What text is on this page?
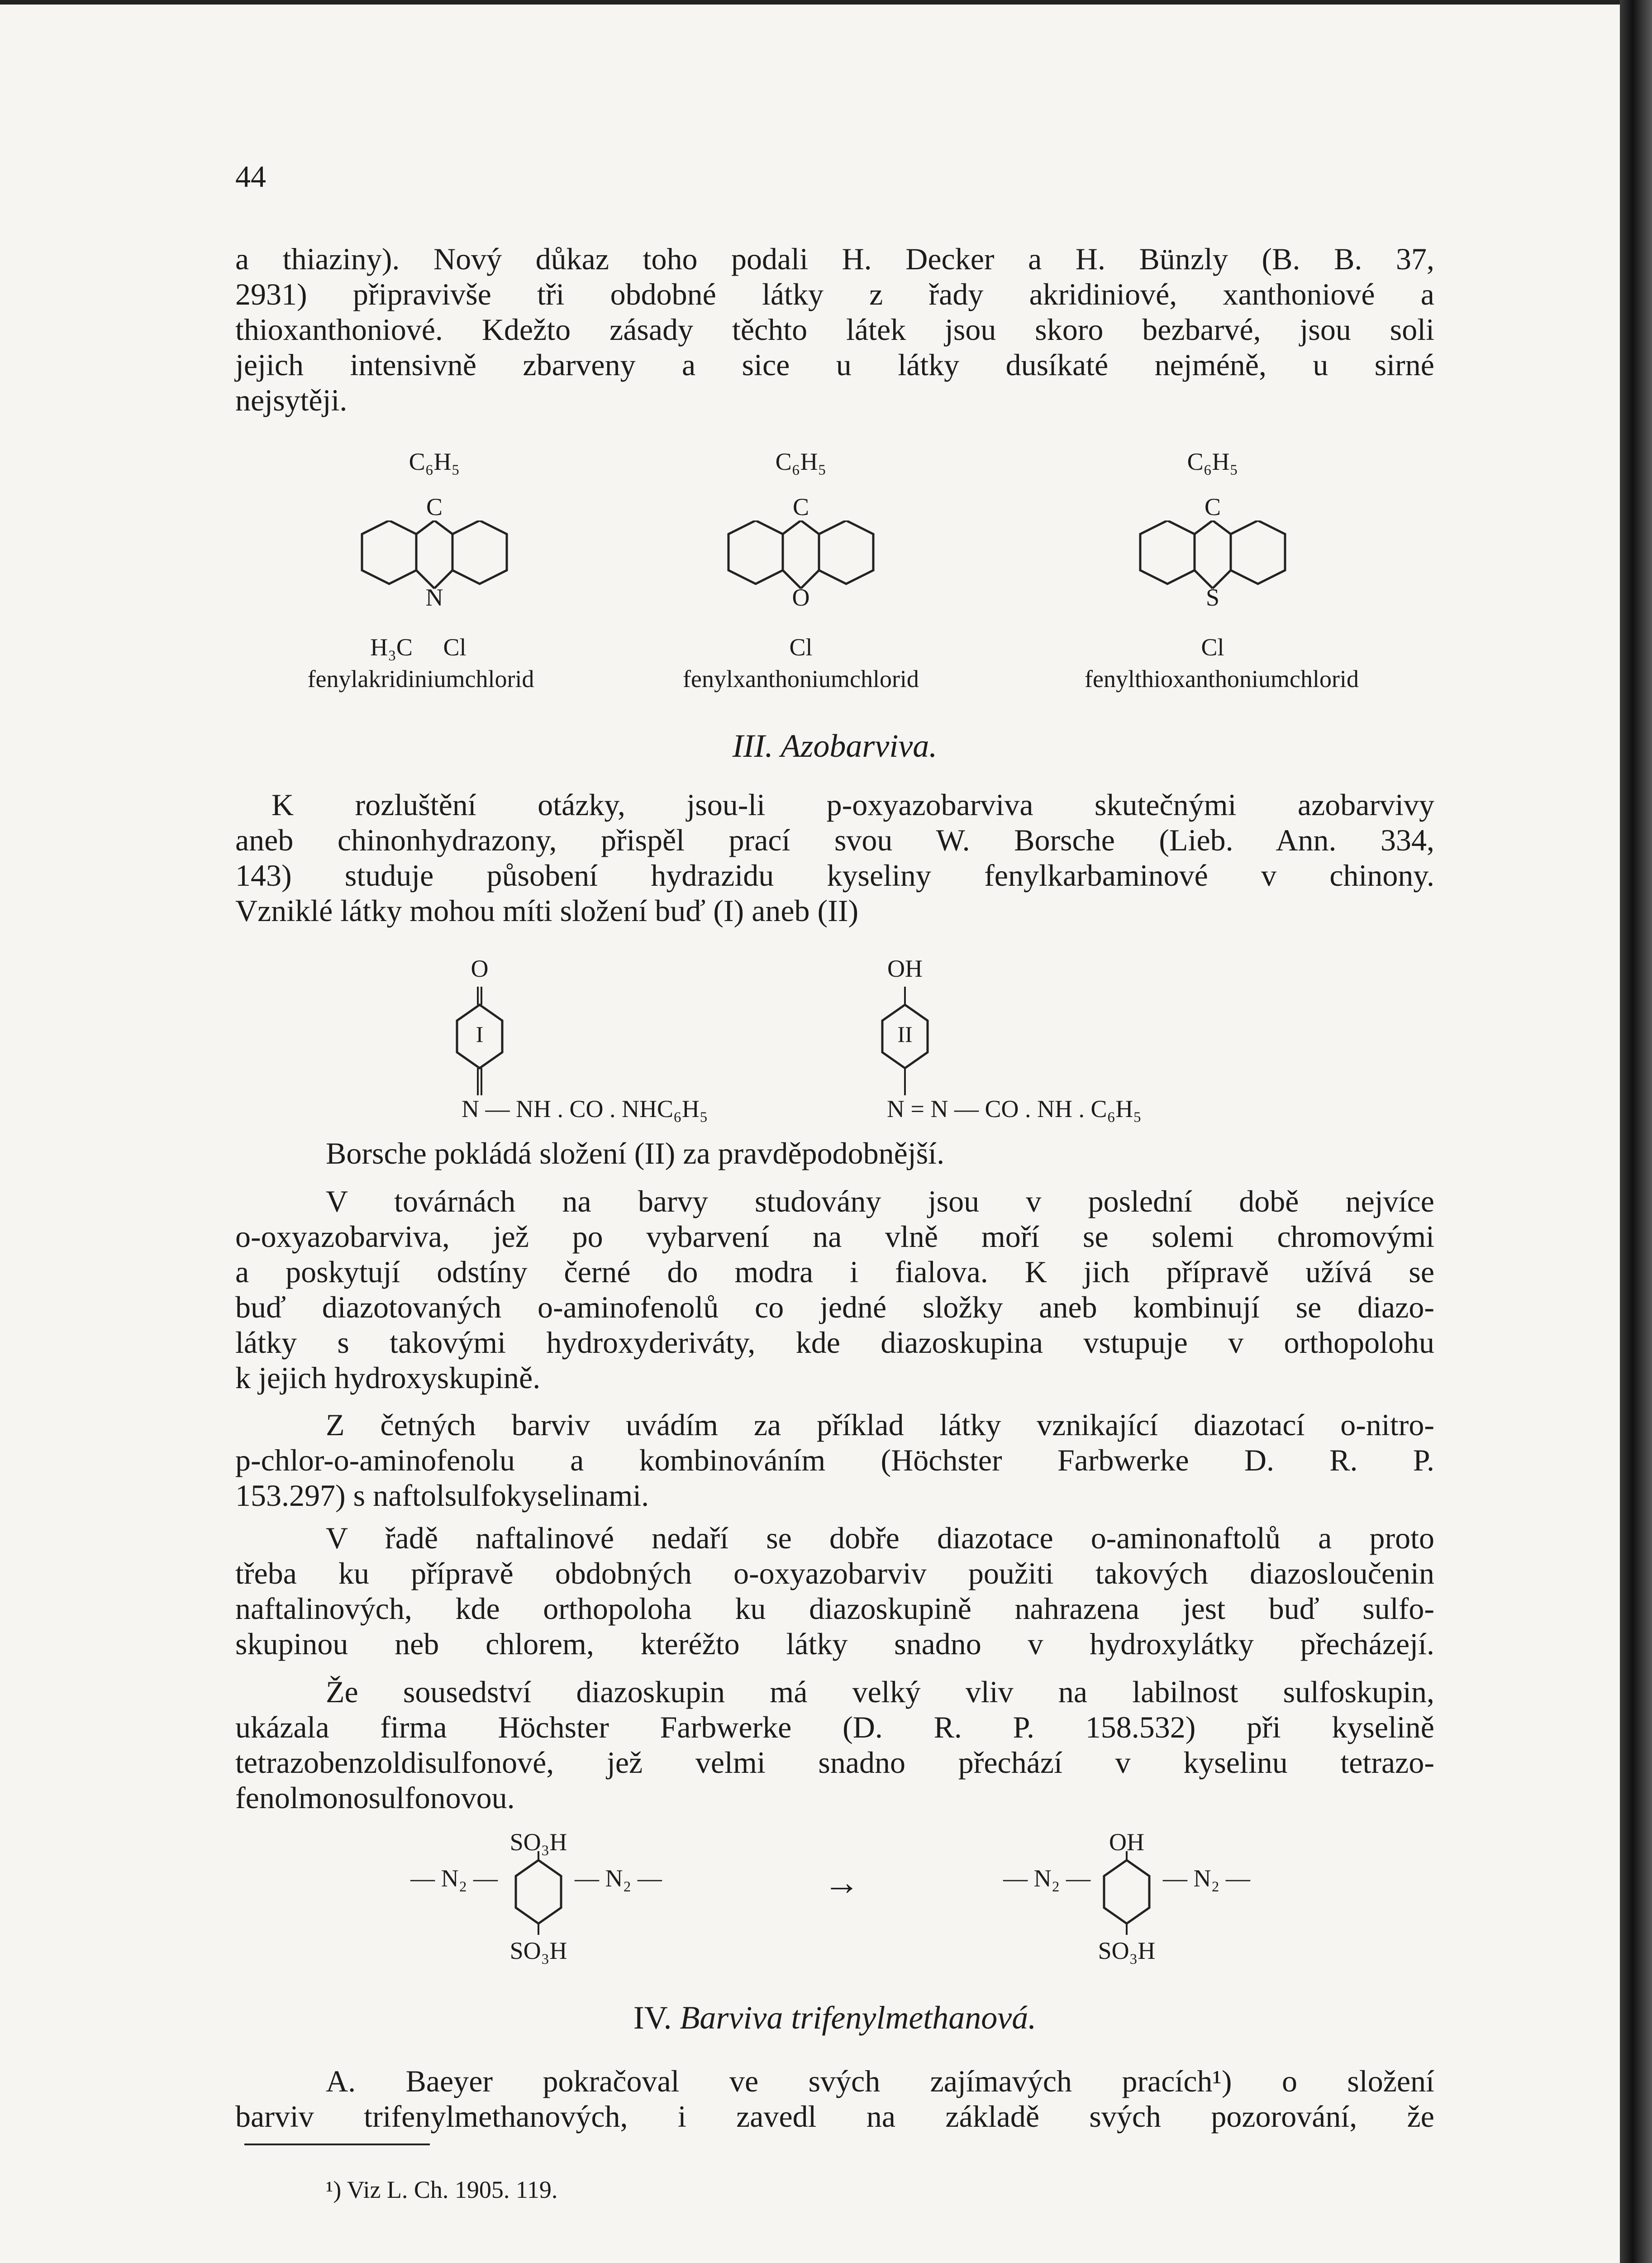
44
a thiaziny). Nový důkaz toho podali H. Decker a H. Bünzly (B. B. 37,
2931) připravivše tři obdobné látky z řady akridiniové, xanthoniové a
thioxanthoniové. Kdežto zásady těchto látek jsou skoro bezbarvé, jsou soli
jejich intensivně zbarveny a sice u látky dusíkaté nejméně, u sirné
nejsytěji.
C₆H₅
C
N
H₃C	Cl
fenylakridiniumchlorid
C₆H₅
C
O
Cl
fenylxanthoniumchlorid
C₆H₅
C
S
Cl
fenylthioxanthoniumchlorid
III. Azobarviva.
K rozluštění otázky, jsou-li p-oxyazobarviva skutečnými azobarvivy
aneb chinonhydrazony, přispěl prací svou W. Borsche (Lieb. Ann. 334,
143) studuje působení hydrazidu kyseliny fenylkarbaminové v chinony.
Vzniklé látky mohou míti složení buď (I) aneb (II)
O
I
N — NH . CO . NHC₆H₅
OH
II
N = N — CO . NH . C₆H₅
Borsche pokládá složení (II) za pravděpodobnější.
V továrnách na barvy studovány jsou v poslední době nejvíce
o-oxyazobarviva, jež po vybarvení na vlně moří se solemi chromovými
a poskytují odstíny černé do modra i fialova. K jich přípravě užívá se
buď diazotovaných o-aminofenolů co jedné složky aneb kombinují se diazo-
látky s takovými hydroxyderiváty, kde diazoskupina vstupuje v orthopolohu
k jejich hydroxyskupině.
Z četných barviv uvádím za příklad látky vznikající diazotací o-nitro-
p-chlor-o-aminofenolu a kombinováním (Höchster Farbwerke D. R. P.
153.297) s naftolsulfokyselinami.
V řadě naftalinové nedaří se dobře diazotace o-aminonaftolů a proto
třeba ku přípravě obdobných o-oxyazobarviv použiti takových diazosloučenin
naftalinových, kde orthopoloha ku diazoskupině nahrazena jest buď sulfo-
skupinou neb chlorem, kteréžto látky snadno v hydroxylátky přecházejí.
Že sousedství diazoskupin má velký vliv na labilnost sulfoskupin,
ukázala firma Höchster Farbwerke (D. R. P. 158.532) při kyselině
tetrazobenzoldisulfonové, jež velmi snadno přechází v kyselinu tetrazo-
fenolmonosulfonovou.
SO₃H
— N₂ —	— N₂ —
SO₃H
→
OH
— N₂ —	— N₂ —
SO₃H
IV. Barviva trifenylmethanová.
A. Baeyer pokračoval ve svých zajímavých pracích¹) o složení
barviv trifenylmethanových, i zavedl na základě svých pozorování, že
¹) Viz L. Ch. 1905. 119.
